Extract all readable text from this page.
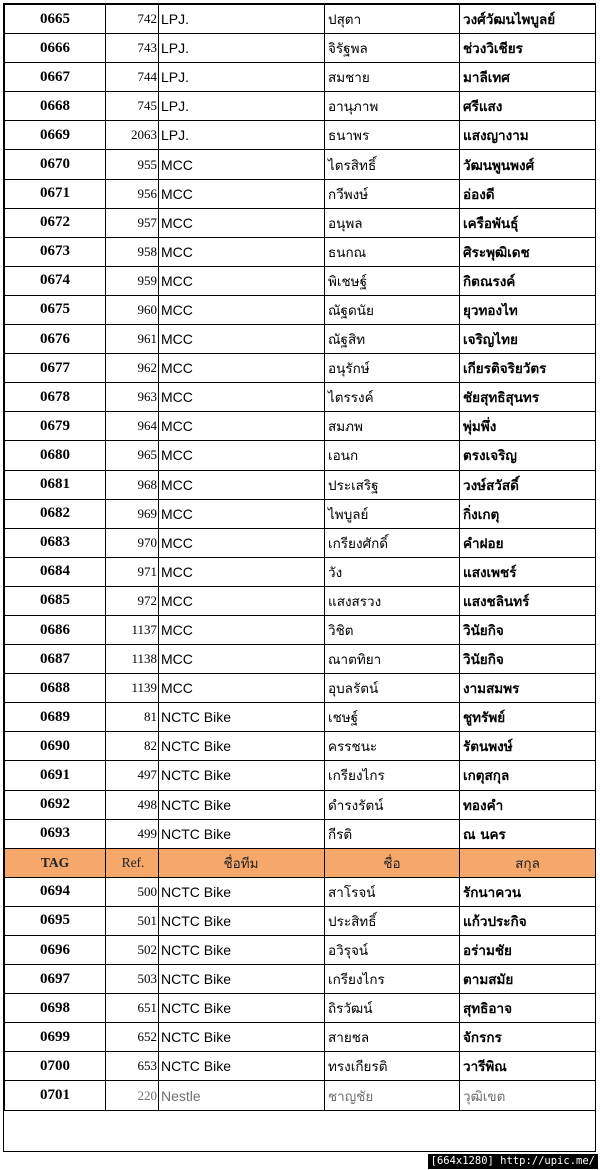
0665	742	LPJ.	ปสุตา	วงศ์วัฒนไพบูลย์
0666	743	LPJ.	จิรัฐพล	ช่วงวิเชียร
0667	744	LPJ.	สมชาย	มาลีเทศ
0668	745	LPJ.	อานุภาพ	ศรีแสง
0669	2063	LPJ.	ธนาพร	แสงญางาม
0670	955	MCC	ไตรสิทธิ์	วัฒนพูนพงศ์
0671	956	MCC	กวีพงษ์	อ่องดี
0672	957	MCC	อนุพล	เครือพันธุ์
0673	958	MCC	ธนกณ	ศิระพุฒิเดช
0674	959	MCC	พิเชษฐ์	กิตณรงค์
0675	960	MCC	ณัฐดนัย	ยุวทองไท
0676	961	MCC	ณัฐสิท	เจริญไทย
0677	962	MCC	อนุรักษ์	เกียรติจริยวัตร
0678	963	MCC	ไตรรงค์	ชัยสุทธิสุนทร
0679	964	MCC	สมภพ	พุ่มพึ่ง
0680	965	MCC	เอนก	ตรงเจริญ
0681	968	MCC	ประเสริฐ	วงษ์สวัสดิ์
0682	969	MCC	ไพบูลย์	กิ่งเกตุ
0683	970	MCC	เกรียงศักดิ์	คำฝอย
0684	971	MCC	วัง	แสงเพชร์
0685	972	MCC	แสงสรวง	แสงชลินทร์
0686	1137	MCC	วิชิต	วินัยกิจ
0687	1138	MCC	ณาตทิยา	วินัยกิจ
0688	1139	MCC	อุบลรัตน์	งามสมพร
0689	81	NCTC Bike	เชษฐ์	ชูทรัพย์
0690	82	NCTC Bike	ครรชนะ	รัตนพงษ์
0691	497	NCTC Bike	เกรียงไกร	เกตุสกุล
0692	498	NCTC Bike	ดำรงรัตน์	ทองคำ
0693	499	NCTC Bike	กีรติ	ณ นคร
TAG	Ref.	ชื่อทีม	ชื่อ	สกุล
0694	500	NCTC Bike	สาโรจน์	รักนาควน
0695	501	NCTC Bike	ประสิทธิ์	แก้วประกิจ
0696	502	NCTC Bike	อวิรุจน์	อร่ามชัย
0697	503	NCTC Bike	เกรียงไกร	ตามสมัย
0698	651	NCTC Bike	ถิรวัฒน์	สุทธิอาจ
0699	652	NCTC Bike	สายชล	จักรกร
0700	653	NCTC Bike	ทรงเกียรติ	วารีพิณ
0701	220	Nestle	ชาญชัย	วุฒิเขต
[664x1280] http://upic.me/
